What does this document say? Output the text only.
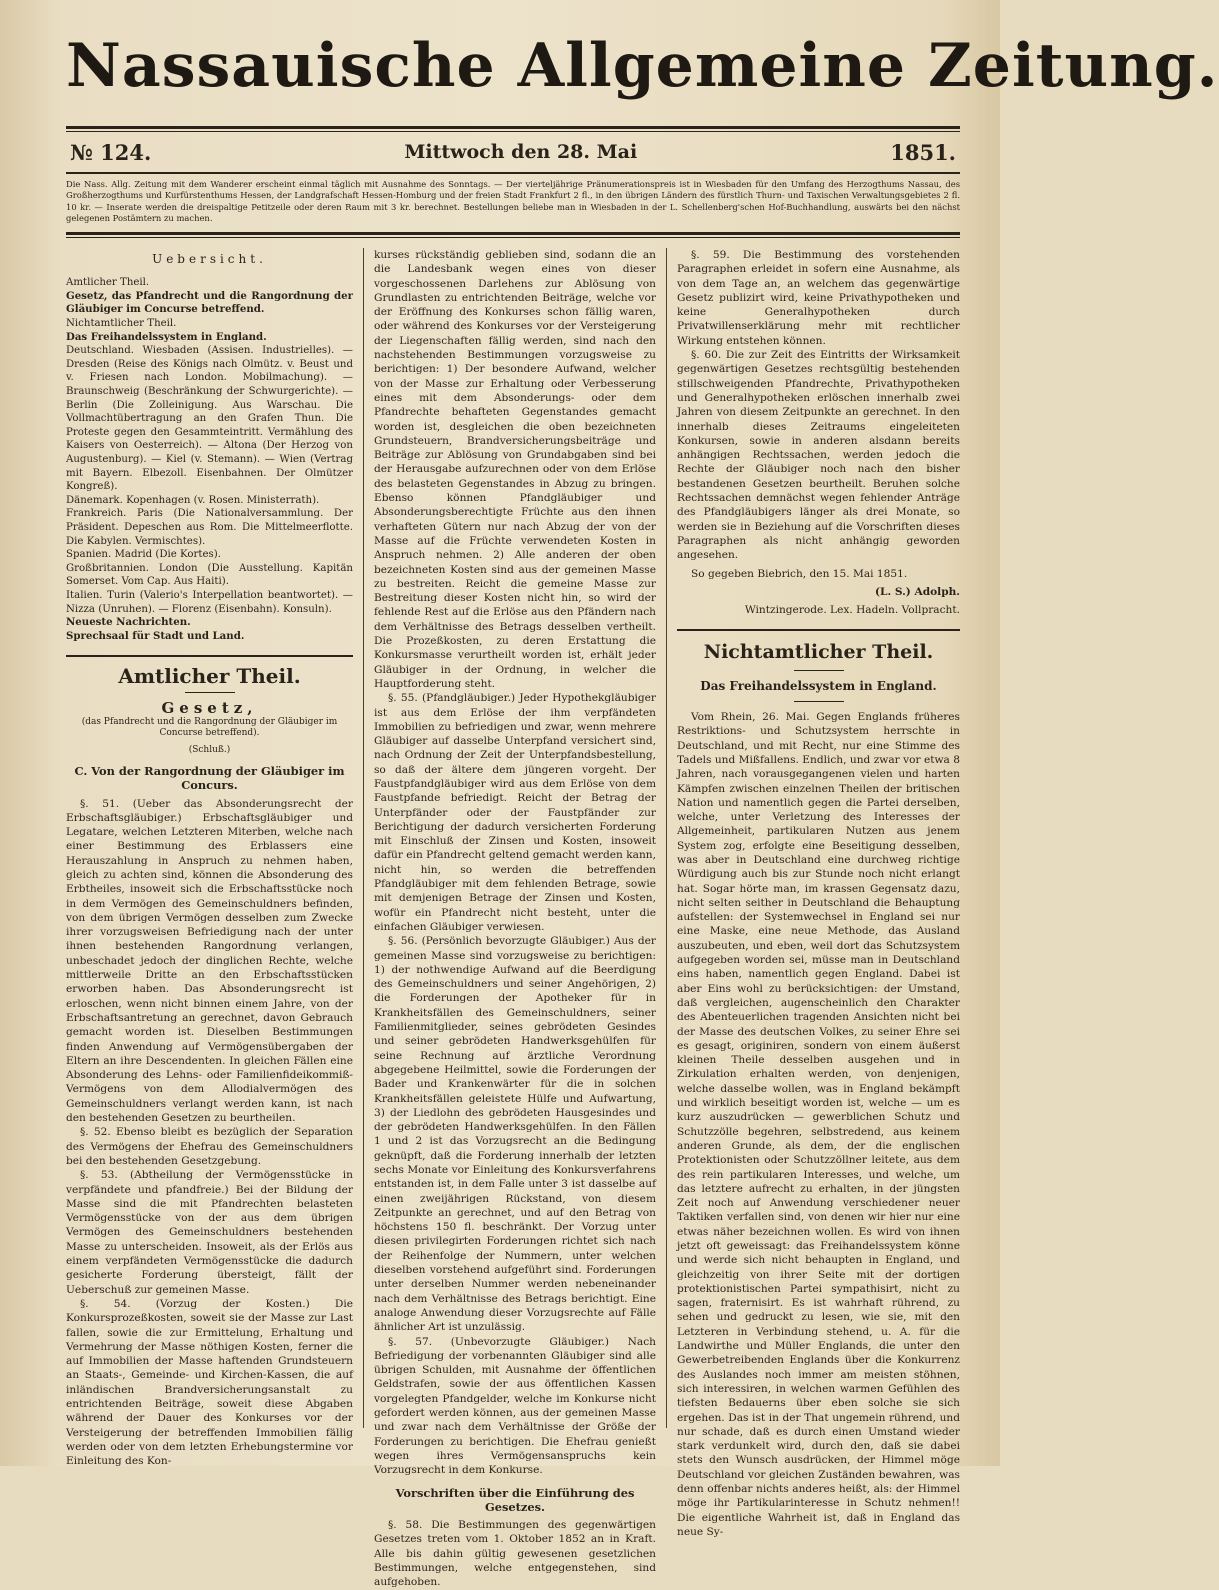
Nassauische Allgemeine Zeitung.
№ 124.	Mittwoch den 28. Mai	1851.
Die Nass. Allg. Zeitung mit dem Wanderer erscheint einmal täglich mit Ausnahme des Sonntags. — Der vierteljährige Pränumerationspreis ist in Wiesbaden für den Umfang des Herzogthums Nassau, des Großherzogthums und Kurfürstenthums Hessen, der Landgrafschaft Hessen-Homburg und der freien Stadt Frankfurt 2 fl., in den übrigen Ländern des fürstlich Thurn- und Taxischen Verwaltungsgebietes 2 fl. 10 kr. — Inserate werden die dreispaltige Petitzeile oder deren Raum mit 3 kr. berechnet. Bestellungen beliebe man in Wiesbaden in der L. Schellenberg'schen Hof-Buchhandlung, auswärts bei den nächst gelegenen Postämtern zu machen.
Uebersicht.

Amtlicher Theil.

Gesetz, das Pfandrecht und die Rangordnung der Gläubiger im Concurse betreffend.

Nichtamtlicher Theil.

Das Freihandelssystem in England.

Deutschland. Wiesbaden (Assisen. Industrielles). — Dresden (Reise des Königs nach Olmütz. v. Beust und v. Friesen nach London. Mobilmachung). — Braunschweig (Beschränkung der Schwurgerichte). — Berlin (Die Zolleinigung. Aus Warschau. Die Vollmachtübertragung an den Grafen Thun. Die Proteste gegen den Gesammteintritt. Vermählung des Kaisers von Oesterreich). — Altona (Der Herzog von Augustenburg). — Kiel (v. Stemann). — Wien (Vertrag mit Bayern. Elbezoll. Eisenbahnen. Der Olmützer Kongreß).

Dänemark. Kopenhagen (v. Rosen. Ministerrath).

Frankreich. Paris (Die Nationalversammlung. Der Präsident. Depeschen aus Rom. Die Mittelmeerflotte. Die Kabylen. Vermischtes).

Spanien. Madrid (Die Kortes).

Großbritannien. London (Die Ausstellung. Kapitän Somerset. Vom Cap. Aus Haiti).

Italien. Turin (Valerio's Interpellation beantwortet). — Nizza (Unruhen). — Florenz (Eisenbahn). Konsuln).

Neueste Nachrichten.

Sprechsaal für Stadt und Land.

Amtlicher Theil.
Gesetz,
(das Pfandrecht und die Rangordnung der Gläubiger im Concurse betreffend).
(Schluß.)
C. Von der Rangordnung der Gläubiger im Concurs.

§. 51. (Ueber das Absonderungsrecht der Erbschaftsgläubiger.) Erbschaftsgläubiger und Legatare, welchen Letzteren Miterben, welche nach einer Bestimmung des Erblassers eine Herauszahlung in Anspruch zu nehmen haben, gleich zu achten sind, können die Absonderung des Erbtheiles, insoweit sich die Erbschaftsstücke noch in dem Vermögen des Gemeinschuldners befinden, von dem übrigen Vermögen desselben zum Zwecke ihrer vorzugsweisen Befriedigung nach der unter ihnen bestehenden Rangordnung verlangen, unbeschadet jedoch der dinglichen Rechte, welche mittlerweile Dritte an den Erbschaftsstücken erworben haben. Das Absonderungsrecht ist erloschen, wenn nicht binnen einem Jahre, von der Erbschaftsantretung an gerechnet, davon Gebrauch gemacht worden ist. Dieselben Bestimmungen finden Anwendung auf Vermögensübergaben der Eltern an ihre Descendenten. In gleichen Fällen eine Absonderung des Lehns- oder Familienfideikommiß-Vermögens von dem Allodialvermögen des Gemeinschuldners verlangt werden kann, ist nach den bestehenden Gesetzen zu beurtheilen.

§. 52. Ebenso bleibt es bezüglich der Separation des Vermögens der Ehefrau des Gemeinschuldners bei den bestehenden Gesetzgebung.

§. 53. (Abtheilung der Vermögensstücke in verpfändete und pfandfreie.) Bei der Bildung der Masse sind die mit Pfandrechten belasteten Vermögensstücke von der aus dem übrigen Vermögen des Gemeinschuldners bestehenden Masse zu unterscheiden. Insoweit, als der Erlös aus einem verpfändeten Vermögensstücke die dadurch gesicherte Forderung übersteigt, fällt der Ueberschuß zur gemeinen Masse.

§. 54. (Vorzug der Kosten.) Die Konkursprozeßkosten, soweit sie der Masse zur Last fallen, sowie die zur Ermittelung, Erhaltung und Vermehrung der Masse nöthigen Kosten, ferner die auf Immobilien der Masse haftenden Grundsteuern an Staats-, Gemeinde- und Kirchen-Kassen, die auf inländischen Brandversicherungsanstalt zu entrichtenden Beiträge, soweit diese Abgaben während der Dauer des Konkurses vor der Versteigerung der betreffenden Immobilien fällig werden oder von dem letzten Erhebungstermine vor Einleitung des Kon-

kurses rückständig geblieben sind, sodann die an die Landesbank wegen eines von dieser vorgeschossenen Darlehens zur Ablösung von Grundlasten zu entrichtenden Beiträge, welche vor der Eröffnung des Konkurses schon fällig waren, oder während des Konkurses vor der Versteigerung der Liegenschaften fällig werden, sind nach den nachstehenden Bestimmungen vorzugsweise zu berichtigen: 1) Der besondere Aufwand, welcher von der Masse zur Erhaltung oder Verbesserung eines mit dem Absonderungs- oder dem Pfandrechte behafteten Gegenstandes gemacht worden ist, desgleichen die oben bezeichneten Grundsteuern, Brandversicherungsbeiträge und Beiträge zur Ablösung von Grundabgaben sind bei der Herausgabe aufzurechnen oder von dem Erlöse des belasteten Gegenstandes in Abzug zu bringen. Ebenso können Pfandgläubiger und Absonderungsberechtigte Früchte aus den ihnen verhafteten Gütern nur nach Abzug der von der Masse auf die Früchte verwendeten Kosten in Anspruch nehmen. 2) Alle anderen der oben bezeichneten Kosten sind aus der gemeinen Masse zu bestreiten. Reicht die gemeine Masse zur Bestreitung dieser Kosten nicht hin, so wird der fehlende Rest auf die Erlöse aus den Pfändern nach dem Verhältnisse des Betrags desselben vertheilt. Die Prozeßkosten, zu deren Erstattung die Konkursmasse verurtheilt worden ist, erhält jeder Gläubiger in der Ordnung, in welcher die Hauptforderung steht.

§. 55. (Pfandgläubiger.) Jeder Hypothekgläubiger ist aus dem Erlöse der ihm verpfändeten Immobilien zu befriedigen und zwar, wenn mehrere Gläubiger auf dasselbe Unterpfand versichert sind, nach Ordnung der Zeit der Unterpfandsbestellung, so daß der ältere dem jüngeren vorgeht. Der Faustpfandgläubiger wird aus dem Erlöse von dem Faustpfande befriedigt. Reicht der Betrag der Unterpfänder oder der Faustpfänder zur Berichtigung der dadurch versicherten Forderung mit Einschluß der Zinsen und Kosten, insoweit dafür ein Pfandrecht geltend gemacht werden kann, nicht hin, so werden die betreffenden Pfandgläubiger mit dem fehlenden Betrage, sowie mit demjenigen Betrage der Zinsen und Kosten, wofür ein Pfandrecht nicht besteht, unter die einfachen Gläubiger verwiesen.

§. 56. (Persönlich bevorzugte Gläubiger.) Aus der gemeinen Masse sind vorzugsweise zu berichtigen: 1) der nothwendige Aufwand auf die Beerdigung des Gemeinschuldners und seiner Angehörigen, 2) die Forderungen der Apotheker für in Krankheitsfällen des Gemeinschuldners, seiner Familienmitglieder, seines gebrödeten Gesindes und seiner gebrödeten Handwerksgehülfen für seine Rechnung auf ärztliche Verordnung abgegebene Heilmittel, sowie die Forderungen der Bader und Krankenwärter für die in solchen Krankheitsfällen geleistete Hülfe und Aufwartung, 3) der Liedlohn des gebrödeten Hausgesindes und der gebrödeten Handwerksgehülfen. In den Fällen 1 und 2 ist das Vorzugsrecht an die Bedingung geknüpft, daß die Forderung innerhalb der letzten sechs Monate vor Einleitung des Konkursverfahrens entstanden ist, in dem Falle unter 3 ist dasselbe auf einen zweijährigen Rückstand, von diesem Zeitpunkte an gerechnet, und auf den Betrag von höchstens 150 fl. beschränkt. Der Vorzug unter diesen privilegirten Forderungen richtet sich nach der Reihenfolge der Nummern, unter welchen dieselben vorstehend aufgeführt sind. Forderungen unter derselben Nummer werden nebeneinander nach dem Verhältnisse des Betrags berichtigt. Eine analoge Anwendung dieser Vorzugsrechte auf Fälle ähnlicher Art ist unzulässig.

§. 57. (Unbevorzugte Gläubiger.) Nach Befriedigung der vorbenannten Gläubiger sind alle übrigen Schulden, mit Ausnahme der öffentlichen Geldstrafen, sowie der aus öffentlichen Kassen vorgelegten Pfandgelder, welche im Konkurse nicht gefordert werden können, aus der gemeinen Masse und zwar nach dem Verhältnisse der Größe der Forderungen zu berichtigen. Die Ehefrau genießt wegen ihres Vermögensanspruchs kein Vorzugsrecht in dem Konkurse.

Vorschriften über die Einführung des Gesetzes.

§. 58. Die Bestimmungen des gegenwärtigen Gesetzes treten vom 1. Oktober 1852 an in Kraft. Alle bis dahin gültig gewesenen gesetzlichen Bestimmungen, welche entgegenstehen, sind aufgehoben.

§. 59. Die Bestimmung des vorstehenden Paragraphen erleidet in sofern eine Ausnahme, als von dem Tage an, an welchem das gegenwärtige Gesetz publizirt wird, keine Privathypotheken und keine Generalhypotheken durch Privatwillenserklärung mehr mit rechtlicher Wirkung entstehen können.

§. 60. Die zur Zeit des Eintritts der Wirksamkeit gegenwärtigen Gesetzes rechtsgültig bestehenden stillschweigenden Pfandrechte, Privathypotheken und Generalhypotheken erlöschen innerhalb zwei Jahren von diesem Zeitpunkte an gerechnet. In den innerhalb dieses Zeitraums eingeleiteten Konkursen, sowie in anderen alsdann bereits anhängigen Rechtssachen, werden jedoch die Rechte der Gläubiger noch nach den bisher bestandenen Gesetzen beurtheilt. Beruhen solche Rechtssachen demnächst wegen fehlender Anträge des Pfandgläubigers länger als drei Monate, so werden sie in Beziehung auf die Vorschriften dieses Paragraphen als nicht anhängig geworden angesehen.

So gegeben Biebrich, den 15. Mai 1851.

(L. S.) Adolph.

Wintzingerode. Lex. Hadeln. Vollpracht.

Nichtamtlicher Theil.
Das Freihandelssystem in England.

Vom Rhein, 26. Mai. Gegen Englands früheres Restriktions- und Schutzsystem herrschte in Deutschland, und mit Recht, nur eine Stimme des Tadels und Mißfallens. Endlich, und zwar vor etwa 8 Jahren, nach vorausgegangenen vielen und harten Kämpfen zwischen einzelnen Theilen der britischen Nation und namentlich gegen die Partei derselben, welche, unter Verletzung des Interesses der Allgemeinheit, partikularen Nutzen aus jenem System zog, erfolgte eine Beseitigung desselben, was aber in Deutschland eine durchweg richtige Würdigung auch bis zur Stunde noch nicht erlangt hat. Sogar hörte man, im krassen Gegensatz dazu, nicht selten seither in Deutschland die Behauptung aufstellen: der Systemwechsel in England sei nur eine Maske, eine neue Methode, das Ausland auszubeuten, und eben, weil dort das Schutzsystem aufgegeben worden sei, müsse man in Deutschland eins haben, namentlich gegen England. Dabei ist aber Eins wohl zu berücksichtigen: der Umstand, daß vergleichen, augenscheinlich den Charakter des Abenteuerlichen tragenden Ansichten nicht bei der Masse des deutschen Volkes, zu seiner Ehre sei es gesagt, originiren, sondern von einem äußerst kleinen Theile desselben ausgehen und in Zirkulation erhalten werden, von denjenigen, welche dasselbe wollen, was in England bekämpft und wirklich beseitigt worden ist, welche — um es kurz auszudrücken — gewerblichen Schutz und Schutzzölle begehren, selbstredend, aus keinem anderen Grunde, als dem, der die englischen Protektionisten oder Schutzzöllner leitete, aus dem des rein partikularen Interesses, und welche, um das letztere aufrecht zu erhalten, in der jüngsten Zeit noch auf Anwendung verschiedener neuer Taktiken verfallen sind, von denen wir hier nur eine etwas näher bezeichnen wollen. Es wird von ihnen jetzt oft geweissagt: das Freihandelssystem könne und werde sich nicht behaupten in England, und gleichzeitig von ihrer Seite mit der dortigen protektionistischen Partei sympathisirt, nicht zu sagen, fraternisirt. Es ist wahrhaft rührend, zu sehen und gedruckt zu lesen, wie sie, mit den Letzteren in Verbindung stehend, u. A. für die Landwirthe und Müller Englands, die unter den Gewerbetreibenden Englands über die Konkurrenz des Auslandes noch immer am meisten stöhnen, sich interessiren, in welchen warmen Gefühlen des tiefsten Bedauerns über eben solche sie sich ergehen. Das ist in der That ungemein rührend, und nur schade, daß es durch einen Umstand wieder stark verdunkelt wird, durch den, daß sie dabei stets den Wunsch ausdrücken, der Himmel möge Deutschland vor gleichen Zuständen bewahren, was denn offenbar nichts anderes heißt, als: der Himmel möge ihr Partikularinteresse in Schutz nehmen!! Die eigentliche Wahrheit ist, daß in England das neue Sy-
